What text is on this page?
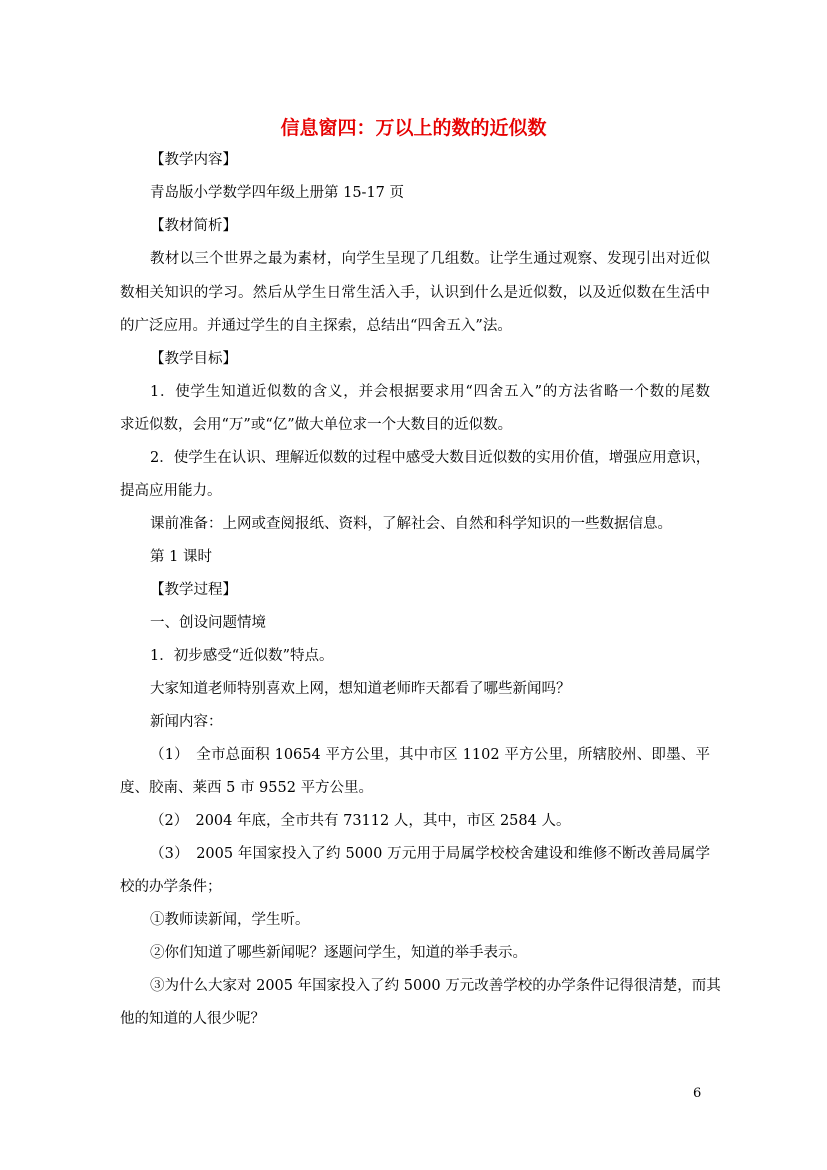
信息窗四：万以上的数的近似数
【教学内容】
青岛版小学数学四年级上册第 15-17 页
【教材简析】
教材以三个世界之最为素材，向学生呈现了几组数。让学生通过观察、发现引出对近似
数相关知识的学习。然后从学生日常生活入手，认识到什么是近似数，以及近似数在生活中
的广泛应用。并通过学生的自主探索，总结出“四舍五入”法。
【教学目标】
1．使学生知道近似数的含义，并会根据要求用“四舍五入”的方法省略一个数的尾数
求近似数，会用“万”或“亿”做大单位求一个大数目的近似数。
2．使学生在认识、理解近似数的过程中感受大数目近似数的实用价值，增强应用意识，
提高应用能力。
课前准备：上网或查阅报纸、资料，了解社会、自然和科学知识的一些数据信息。
第 1 课时
【教学过程】
一、创设问题情境
1．初步感受“近似数”特点。
大家知道老师特别喜欢上网，想知道老师昨天都看了哪些新闻吗？
新闻内容：
（1）　全市总面积 10654 平方公里，其中市区 1102 平方公里，所辖胶州、即墨、平
度、胶南、莱西 5 市 9552 平方公里。
（2）　2004 年底，全市共有 73112 人，其中，市区 2584 人。
（3）　2005 年国家投入了约 5000 万元用于局属学校校舍建设和维修不断改善局属学
校的办学条件；
①教师读新闻，学生听。
②你们知道了哪些新闻呢？逐题问学生，知道的举手表示。
③为什么大家对 2005 年国家投入了约 5000 万元改善学校的办学条件记得很清楚，而其
他的知道的人很少呢？
6
